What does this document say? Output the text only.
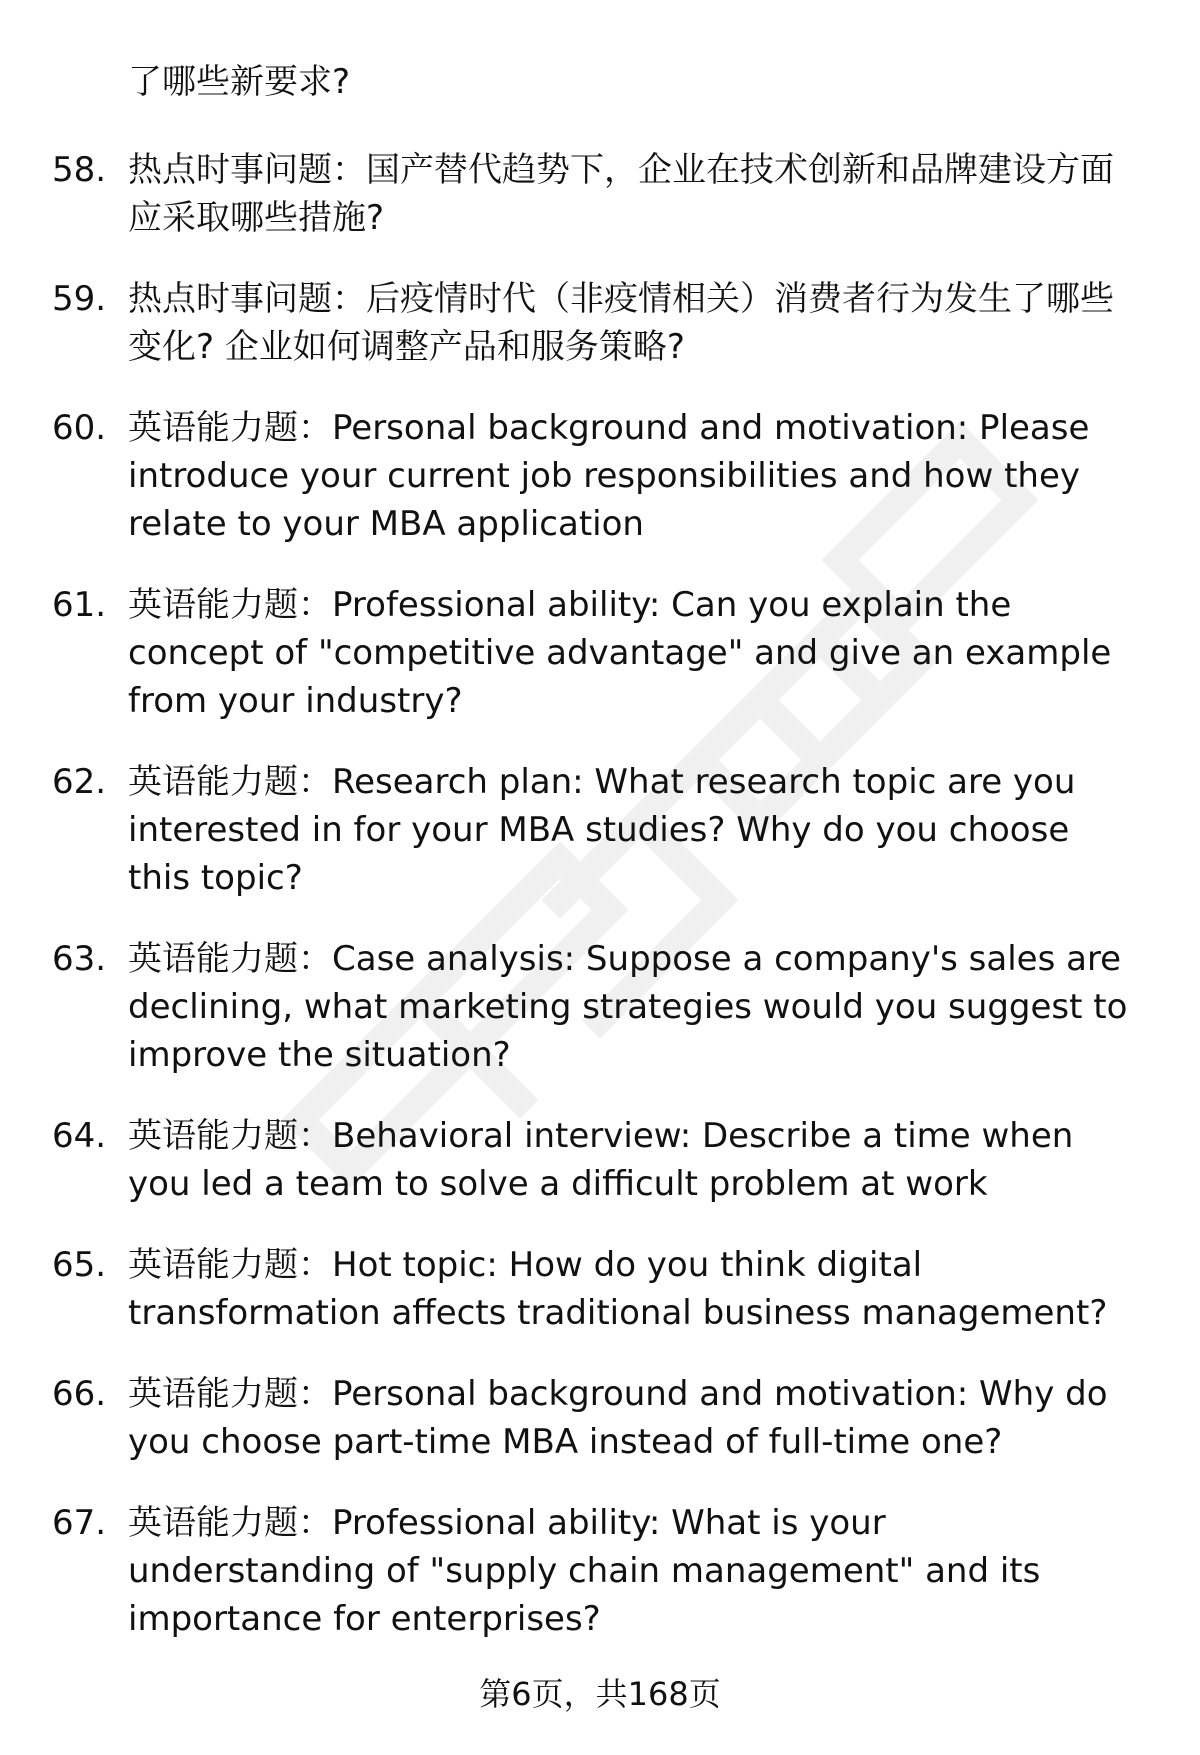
了哪些新要求?
58. 热点时事问题：国产替代趋势下，企业在技术创新和品牌建设方面应采取哪些措施?
59. 热点时事问题：后疫情时代（非疫情相关）消费者行为发生了哪些变化? 企业如何调整产品和服务策略?
60. 英语能力题：Personal background and motivation: Please introduce your current job responsibilities and how they relate to your MBA application
61. 英语能力题：Professional ability: Can you explain the concept of "competitive advantage" and give an example from your industry?
62. 英语能力题：Research plan: What research topic are you interested in for your MBA studies? Why do you choose this topic?
63. 英语能力题：Case analysis: Suppose a company's sales are declining, what marketing strategies would you suggest to improve the situation?
64. 英语能力题：Behavioral interview: Describe a time when you led a team to solve a difficult problem at work
65. 英语能力题：Hot topic: How do you think digital transformation affects traditional business management?
66. 英语能力题：Personal background and motivation: Why do you choose part-time MBA instead of full-time one?
67. 英语能力题：Professional ability: What is your understanding of "supply chain management" and its importance for enterprises?
第6页，共168页
